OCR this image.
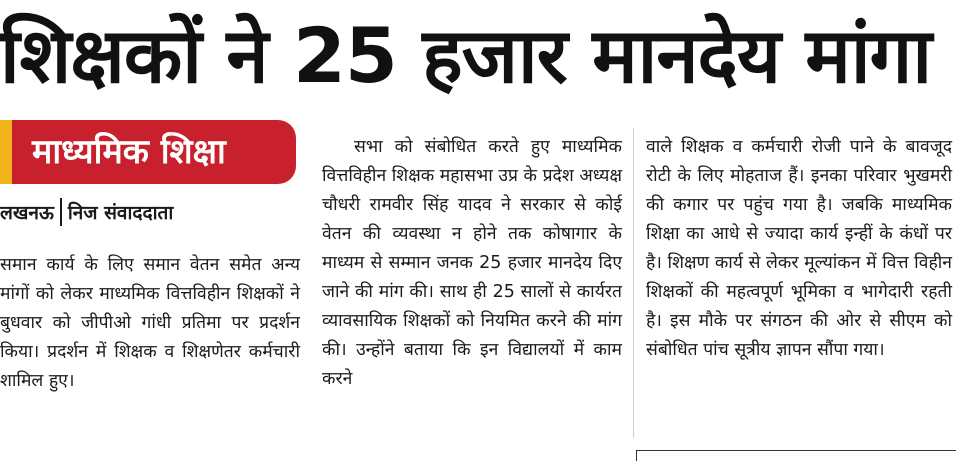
शिक्षकों ने 25 हजार मानदेय मांगा
माध्यमिक शिक्षा
लखनऊ निज संवाददाता
समान कार्य के लिए समान वेतन समेत अन्य मांगों को लेकर माध्यमिक वित्तविहीन शिक्षकों ने बुधवार को जीपीओ गांधी प्रतिमा पर प्रदर्शन किया। प्रदर्शन में शिक्षक व शिक्षणेतर कर्मचारी शामिल हुए।
सभा को संबोधित करते हुए माध्यमिक वित्तविहीन शिक्षक महासभा उप्र के प्रदेश अध्यक्ष चौधरी रामवीर सिंह यादव ने सरकार से कोई वेतन की व्यवस्था न होने तक कोषागार के माध्यम से सम्मान जनक 25 हजार मानदेय दिए जाने की मांग की। साथ ही 25 सालों से कार्यरत व्यावसायिक शिक्षकों को नियमित करने की मांग की। उन्होंने बताया कि इन विद्यालयों में काम करने
वाले शिक्षक व कर्मचारी रोजी पाने के बावजूद रोटी के लिए मोहताज हैं। इनका परिवार भुखमरी की कगार पर पहुंच गया है। जबकि माध्यमिक शिक्षा का आधे से ज्यादा कार्य इन्हीं के कंधों पर है। शिक्षण कार्य से लेकर मूल्यांकन में वित्त विहीन शिक्षकों की महत्वपूर्ण भूमिका व भागेदारी रहती है। इस मौके पर संगठन की ओर से सीएम को संबोधित पांच सूत्रीय ज्ञापन सौंपा गया।
